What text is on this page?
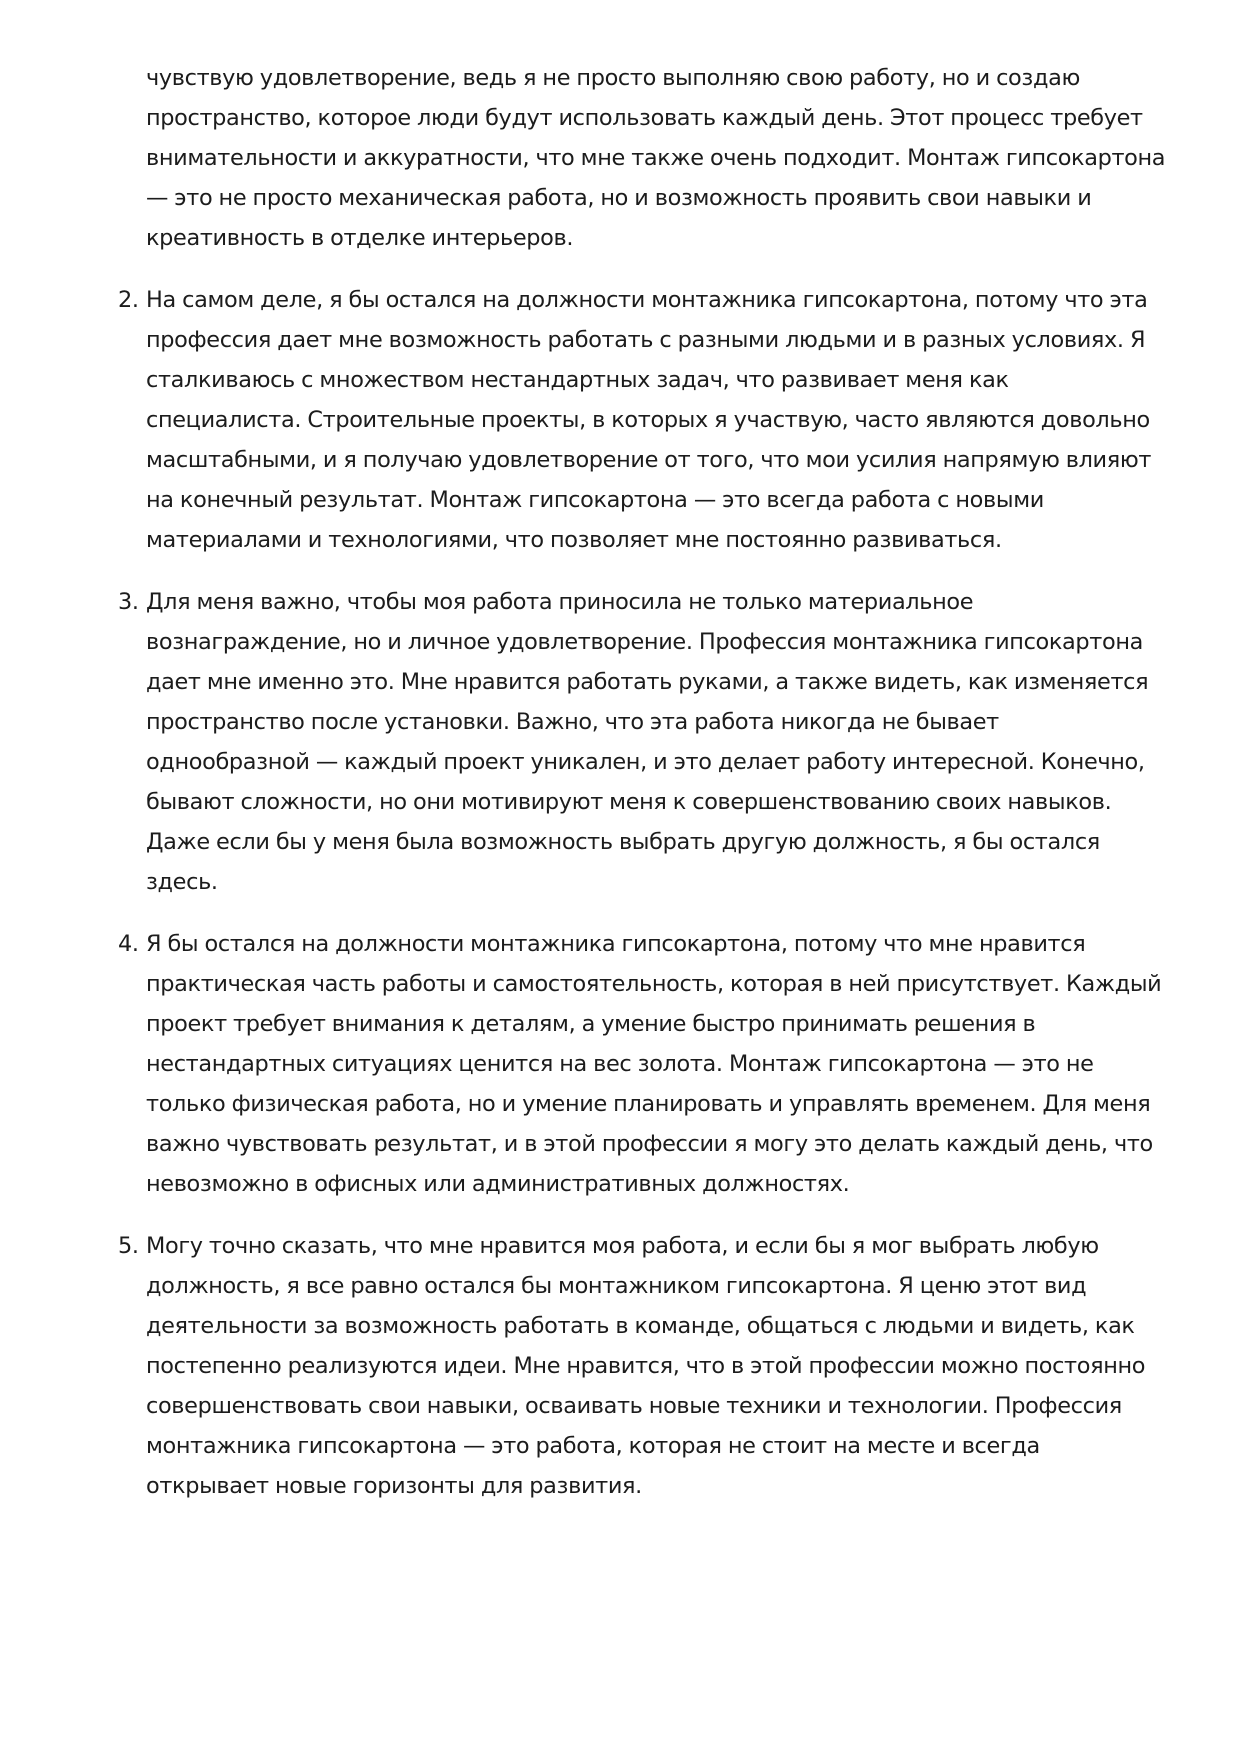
чувствую удовлетворение, ведь я не просто выполняю свою работу, но и создаю пространство, которое люди будут использовать каждый день. Этот процесс требует внимательности и аккуратности, что мне также очень подходит. Монтаж гипсокартона — это не просто механическая работа, но и возможность проявить свои навыки и креативность в отделке интерьеров.

2. На самом деле, я бы остался на должности монтажника гипсокартона, потому что эта профессия дает мне возможность работать с разными людьми и в разных условиях. Я сталкиваюсь с множеством нестандартных задач, что развивает меня как специалиста. Строительные проекты, в которых я участвую, часто являются довольно масштабными, и я получаю удовлетворение от того, что мои усилия напрямую влияют на конечный результат. Монтаж гипсокартона — это всегда работа с новыми материалами и технологиями, что позволяет мне постоянно развиваться.

3. Для меня важно, чтобы моя работа приносила не только материальное вознаграждение, но и личное удовлетворение. Профессия монтажника гипсокартона дает мне именно это. Мне нравится работать руками, а также видеть, как изменяется пространство после установки. Важно, что эта работа никогда не бывает однообразной — каждый проект уникален, и это делает работу интересной. Конечно, бывают сложности, но они мотивируют меня к совершенствованию своих навыков. Даже если бы у меня была возможность выбрать другую должность, я бы остался здесь.

4. Я бы остался на должности монтажника гипсокартона, потому что мне нравится практическая часть работы и самостоятельность, которая в ней присутствует. Каждый проект требует внимания к деталям, а умение быстро принимать решения в нестандартных ситуациях ценится на вес золота. Монтаж гипсокартона — это не только физическая работа, но и умение планировать и управлять временем. Для меня важно чувствовать результат, и в этой профессии я могу это делать каждый день, что невозможно в офисных или административных должностях.

5. Могу точно сказать, что мне нравится моя работа, и если бы я мог выбрать любую должность, я все равно остался бы монтажником гипсокартона. Я ценю этот вид деятельности за возможность работать в команде, общаться с людьми и видеть, как постепенно реализуются идеи. Мне нравится, что в этой профессии можно постоянно совершенствовать свои навыки, осваивать новые техники и технологии. Профессия монтажника гипсокартона — это работа, которая не стоит на месте и всегда открывает новые горизонты для развития.
